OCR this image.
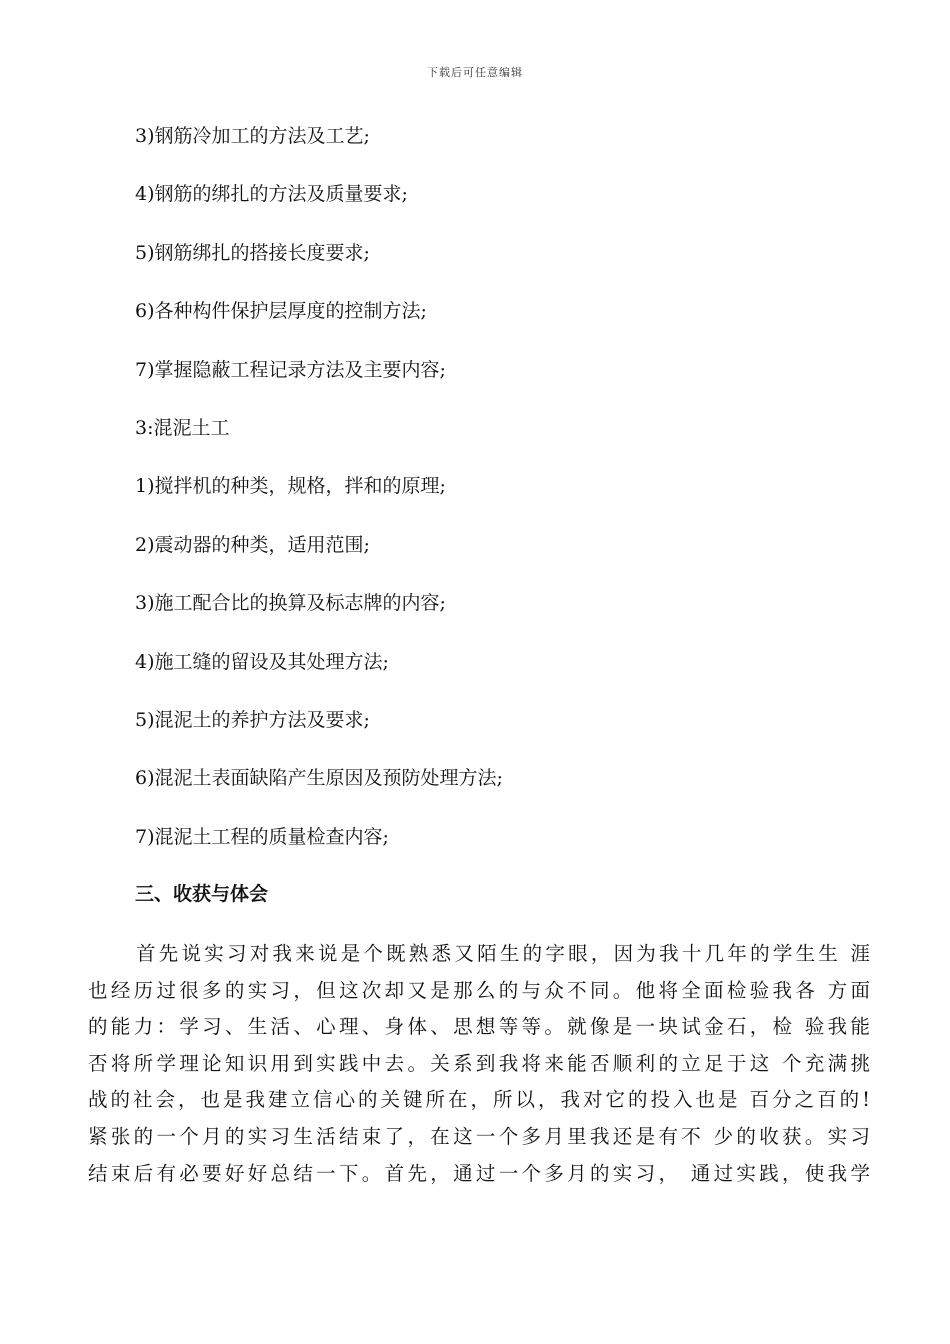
下载后可任意编辑
3)钢筋冷加工的方法及工艺;
4)钢筋的绑扎的方法及质量要求;
5)钢筋绑扎的搭接长度要求;
6)各种构件保护层厚度的控制方法;
7)掌握隐蔽工程记录方法及主要内容;
3:混泥土工
1)搅拌机的种类，规格，拌和的原理;
2)震动器的种类，适用范围;
3)施工配合比的换算及标志牌的内容;
4)施工缝的留设及其处理方法;
5)混泥土的养护方法及要求;
6)混泥土表面缺陷产生原因及预防处理方法;
7)混泥土工程的质量检查内容;
三、收获与体会
首先说实习对我来说是个既熟悉又陌生的字眼，因为我十几年的学生生 涯
也经历过很多的实习，但这次却又是那么的与众不同。他将全面检验我各 方面
的能力：学习、生活、心理、身体、思想等等。就像是一块试金石，检 验我能
否将所学理论知识用到实践中去。关系到我将来能否顺利的立足于这 个充满挑
战的社会，也是我建立信心的关键所在，所以，我对它的投入也是 百分之百的!
紧张的一个月的实习生活结束了，在这一个多月里我还是有不 少的收获。实习
结束后有必要好好总结一下。首先，通过一个多月的实习， 通过实践，使我学
